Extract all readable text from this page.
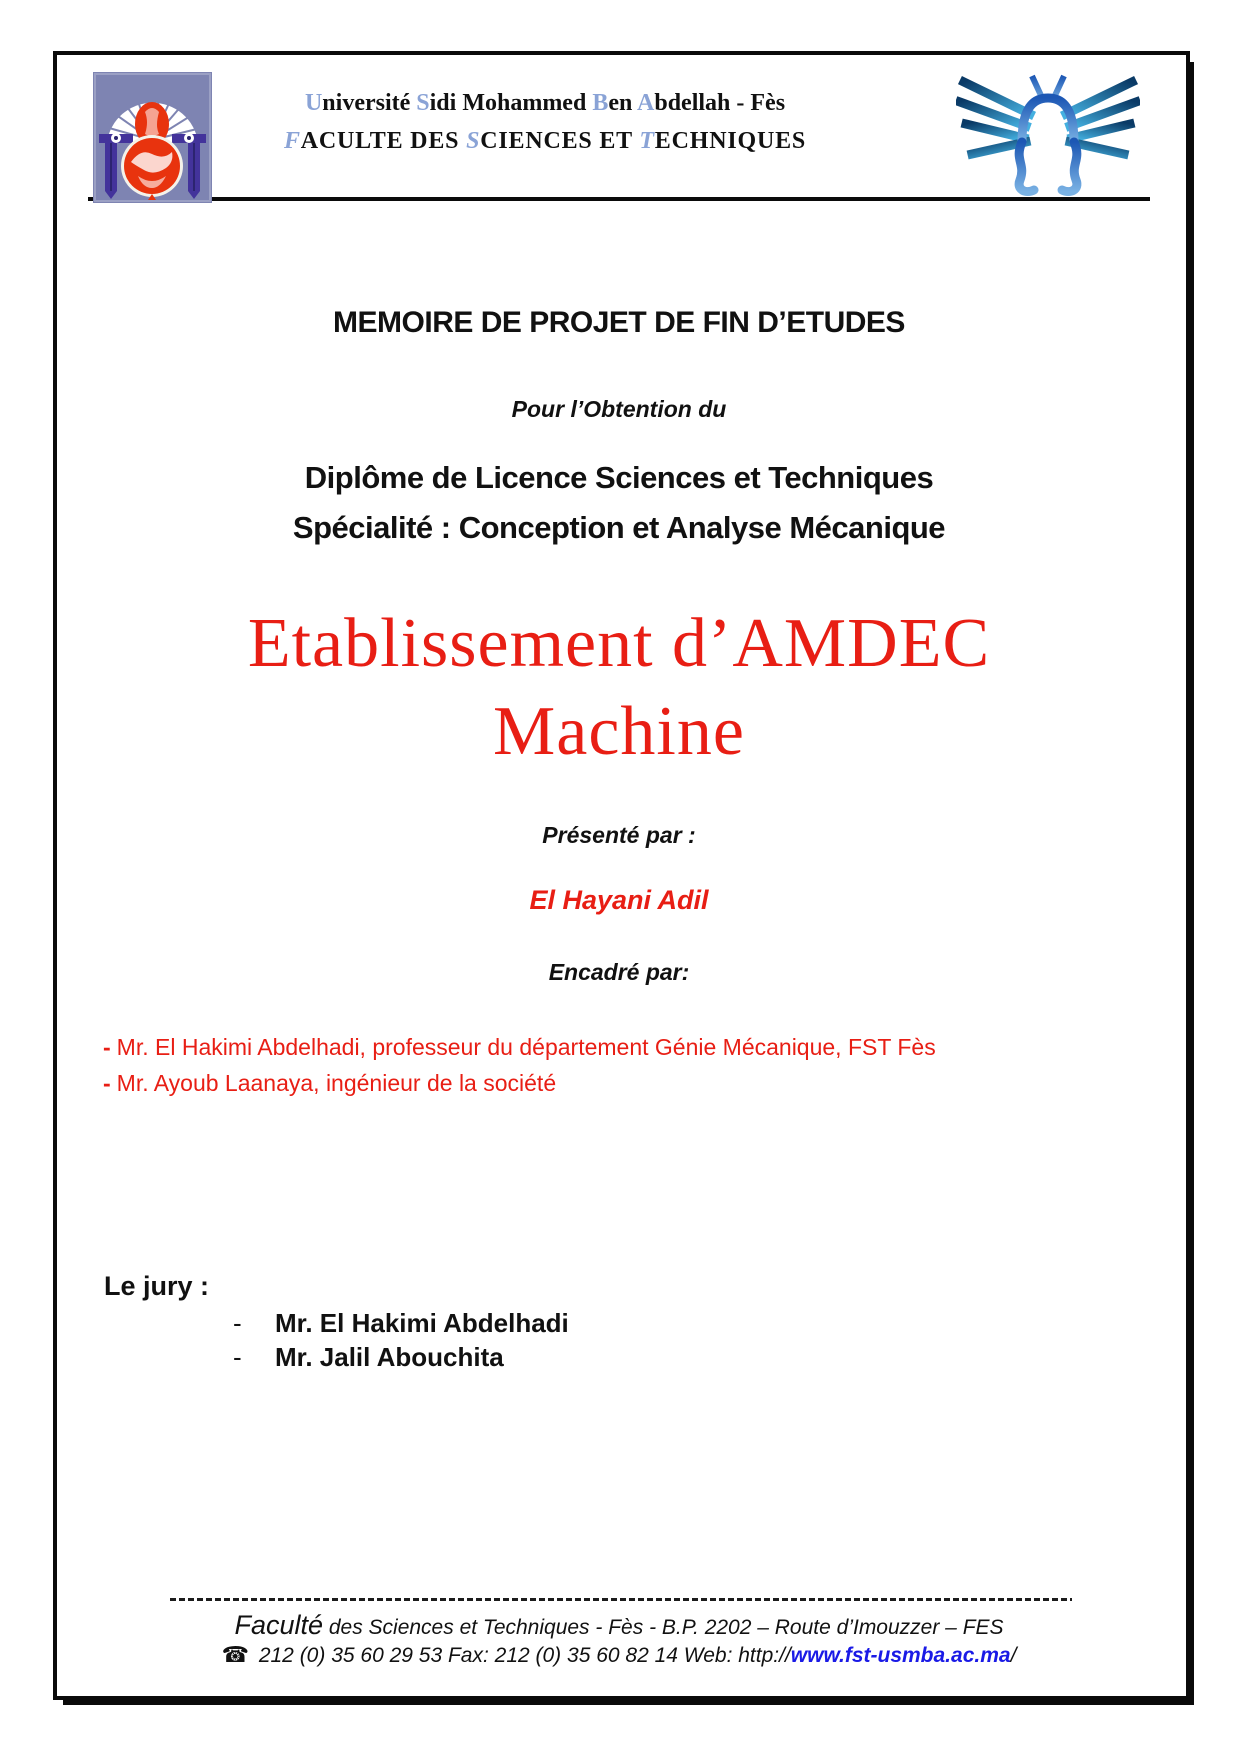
Université Sidi Mohammed Ben Abdellah - Fès
FACULTE DES SCIENCES ET TECHNIQUES
MEMOIRE DE PROJET DE FIN D’ETUDES
Pour l’Obtention du
Diplôme de Licence Sciences et Techniques
Spécialité : Conception et Analyse Mécanique
Etablissement d’AMDEC
Machine
Présenté par :
El Hayani Adil
Encadré par:
- Mr. El Hakimi Abdelhadi, professeur du département Génie Mécanique, FST Fès
- Mr. Ayoub Laanaya, ingénieur de la société
Le jury :
-	Mr. El Hakimi Abdelhadi
-	Mr. Jalil Abouchita
Faculté des Sciences et Techniques - Fès - B.P. 2202 – Route d’Imouzzer – FES
☎ 212 (0) 35 60 29 53 Fax: 212 (0) 35 60 82 14 Web: http://www.fst-usmba.ac.ma/
